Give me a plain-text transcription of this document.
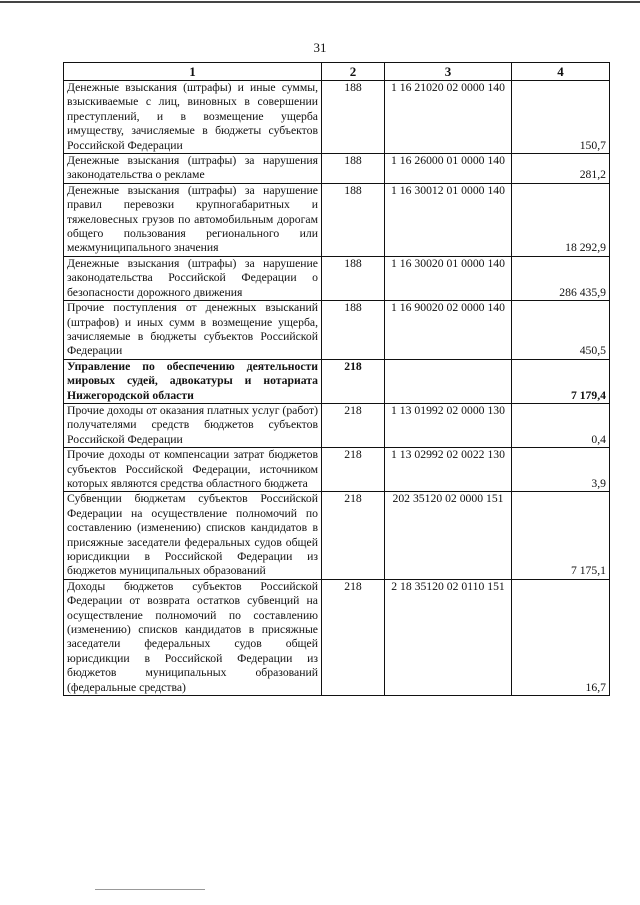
31
1	2	3	4
Денежные взыскания (штрафы) и иные суммы, взыскиваемые с лиц, виновных в совершении преступлений, и в возмещение ущерба имуществу, зачисляемые в бюджеты субъектов Российской Федерации	188	1 16 21020 02 0000 140	150,7
Денежные взыскания (штрафы) за нарушения законодательства о рекламе	188	1 16 26000 01 0000 140	281,2
Денежные взыскания (штрафы) за нарушение правил перевозки крупногабаритных и тяжеловесных грузов по автомобильным дорогам общего пользования регионального или межмуниципального значения	188	1 16 30012 01 0000 140	18 292,9
Денежные взыскания (штрафы) за нарушение законодательства Российской Федерации о безопасности дорожного движения	188	1 16 30020 01 0000 140	286 435,9
Прочие поступления от денежных взысканий (штрафов) и иных сумм в возмещение ущерба, зачисляемые в бюджеты субъектов Российской Федерации	188	1 16 90020 02 0000 140	450,5
Управление по обеспечению деятельности мировых судей, адвокатуры и нотариата Нижегородской области	218		7 179,4
Прочие доходы от оказания платных услуг (работ) получателями средств бюджетов субъектов Российской Федерации	218	1 13 01992 02 0000 130	0,4
Прочие доходы от компенсации затрат бюджетов субъектов Российской Федерации, источником которых являются средства областного бюджета	218	1 13 02992 02 0022 130	3,9
Субвенции бюджетам субъектов Российской Федерации на осуществление полномочий по составлению (изменению) списков кандидатов в присяжные заседатели федеральных судов общей юрисдикции в Российской Федерации из бюджетов муниципальных образований	218	202 35120 02 0000 151	7 175,1
Доходы бюджетов субъектов Российской Федерации от возврата остатков субвенций на осуществление полномочий по составлению (изменению) списков кандидатов в присяжные заседатели федеральных судов общей юрисдикции в Российской Федерации из бюджетов муниципальных образований (федеральные средства)	218	2 18 35120 02 0110 151	16,7
